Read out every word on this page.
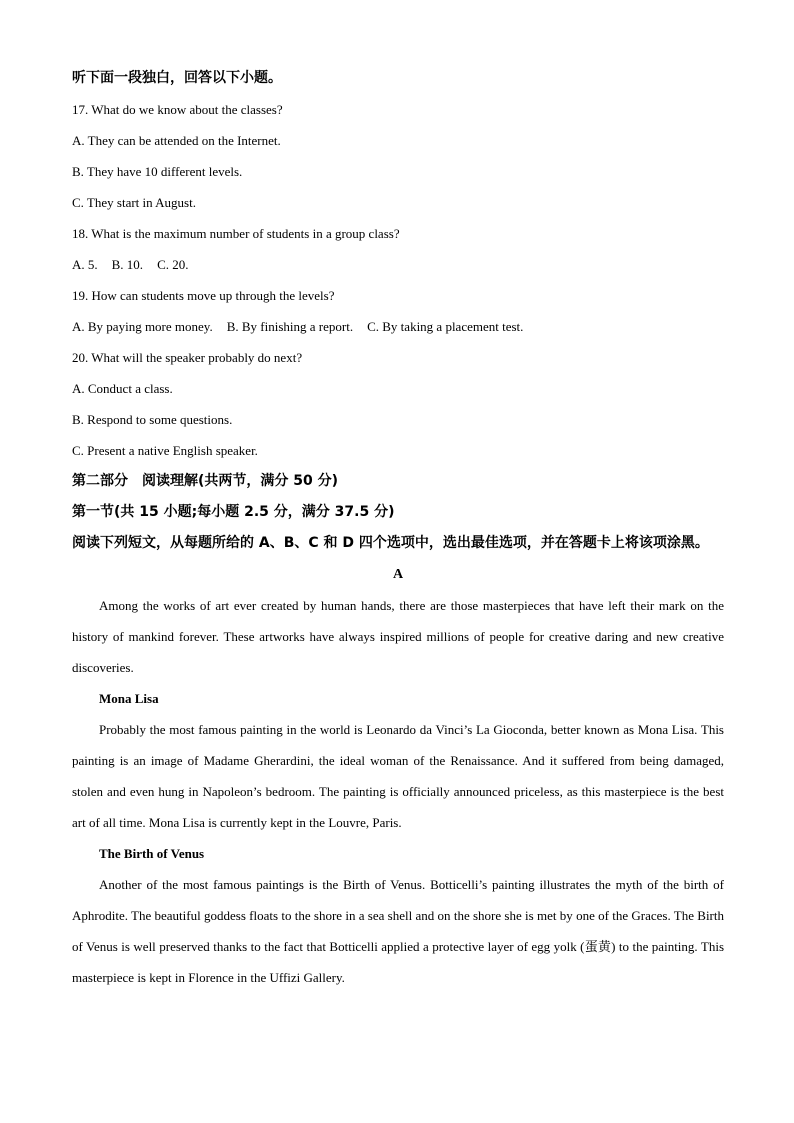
听下面一段独白，回答以下小题。
17. What do we know about the classes?
A. They can be attended on the Internet.
B. They have 10 different levels.
C. They start in August.
18. What is the maximum number of students in a group class?
A. 5. B. 10. C. 20.
19. How can students move up through the levels?
A. By paying more money. B. By finishing a report. C. By taking a placement test.
20. What will the speaker probably do next?
A. Conduct a class.
B. Respond to some questions.
C. Present a native English speaker.
第二部分　阅读理解(共两节，满分 50 分)
第一节(共 15 小题;每小题 2.5 分，满分 37.5 分)
阅读下列短文，从每题所给的 A、B、C 和 D 四个选项中，选出最佳选项，并在答题卡上将该项涂黑。
A

Among the works of art ever created by human hands, there are those masterpieces that have left their mark on the history of mankind forever. These artworks have always inspired millions of people for creative daring and new creative discoveries.

Mona Lisa

Probably the most famous painting in the world is Leonardo da Vinci’s La Gioconda, better known as Mona Lisa. This painting is an image of Madame Gherardini, the ideal woman of the Renaissance. And it suffered from being damaged, stolen and even hung in Napoleon’s bedroom. The painting is officially announced priceless, as this masterpiece is the best art of all time. Mona Lisa is currently kept in the Louvre, Paris.

The Birth of Venus

Another of the most famous paintings is the Birth of Venus. Botticelli’s painting illustrates the myth of the birth of Aphrodite. The beautiful goddess floats to the shore in a sea shell and on the shore she is met by one of the Graces. The Birth of Venus is well preserved thanks to the fact that Botticelli applied a protective layer of egg yolk (蛋黄) to the painting. This masterpiece is kept in Florence in the Uffizi Gallery.
